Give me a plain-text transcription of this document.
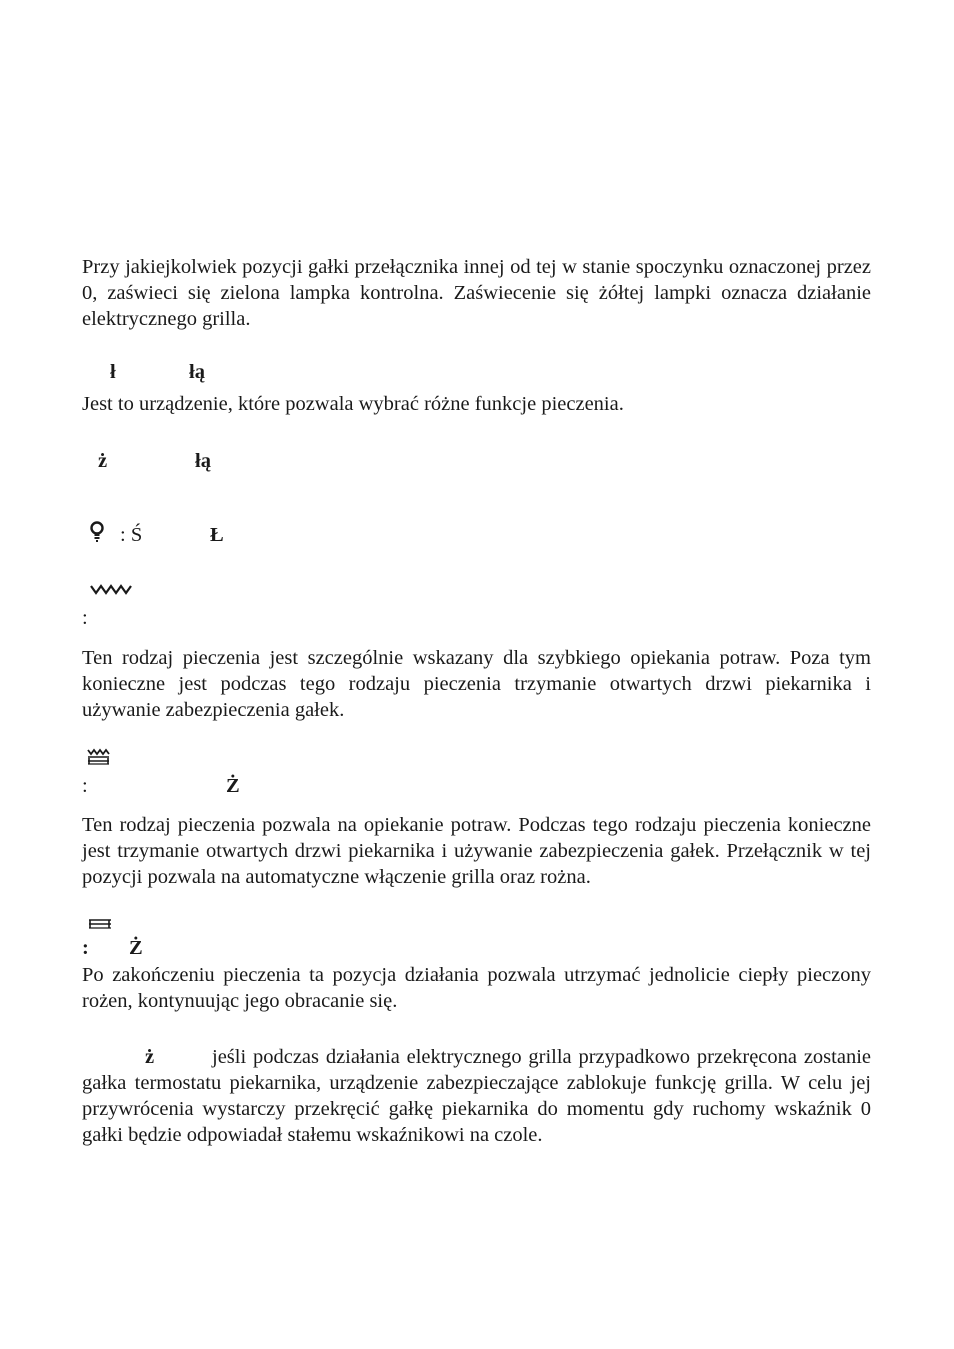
Przy jakiejkolwiek pozycji gałki przełącznika innej od tej w stanie spoczynku oznaczonej przez 0, zaświeci się zielona lampka kontrolna. Zaświecenie się żółtej lampki oznacza działanie elektrycznego grilla.
ł	łą
Jest to urządzenie, które pozwala wybrać różne funkcje pieczenia.
ż	łą
: Ś	Ł
:
Ten rodzaj pieczenia jest szczególnie wskazany dla szybkiego opiekania potraw. Poza tym konieczne jest podczas tego rodzaju pieczenia trzymanie otwartych drzwi piekarnika i używanie zabezpieczenia gałek.
:	Ż
Ten rodzaj pieczenia pozwala na opiekanie potraw. Podczas tego rodzaju pieczenia konieczne jest trzymanie otwartych drzwi piekarnika i używanie zabezpieczenia gałek. Przełącznik w tej pozycji pozwala na automatyczne włączenie grilla oraz rożna.
: Ż
Po zakończeniu pieczenia ta pozycja działania pozwala utrzymać jednolicie ciepły pieczony rożen, kontynuując jego obracanie się.
ż	jeśli podczas działania elektrycznego grilla przypadkowo przekręcona zostanie gałka termostatu piekarnika, urządzenie zabezpieczające zablokuje funkcję grilla. W celu jej przywrócenia wystarczy przekręcić gałkę piekarnika do momentu gdy ruchomy wskaźnik 0 gałki będzie odpowiadał stałemu wskaźnikowi na czole.
